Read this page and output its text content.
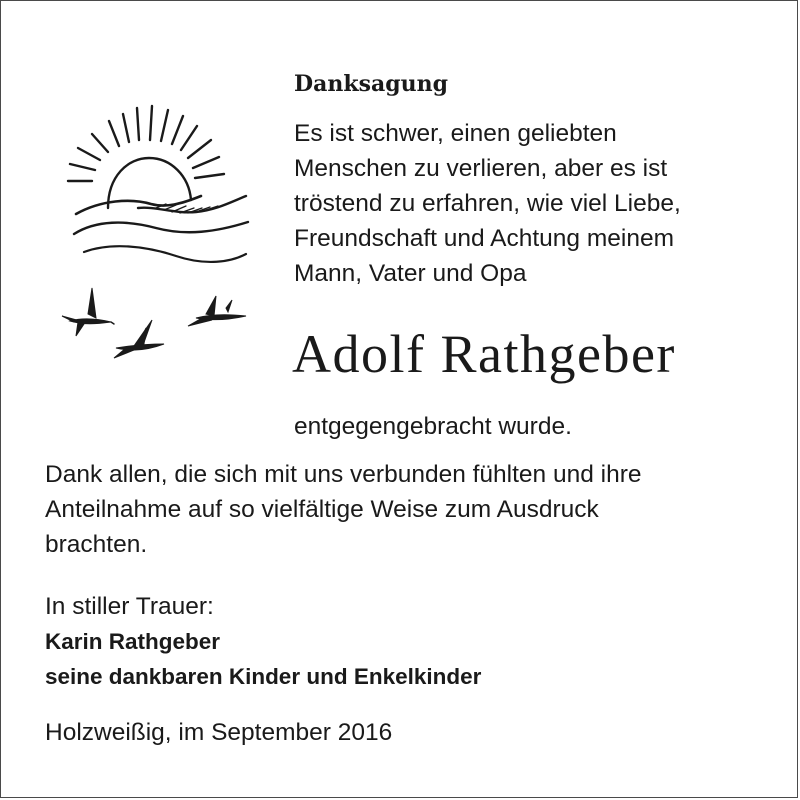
Danksagung
Es ist schwer, einen geliebten
Menschen zu verlieren, aber es ist
tröstend zu erfahren, wie viel Liebe,
Freundschaft und Achtung meinem
Mann, Vater und Opa
Adolf Rathgeber
entgegengebracht wurde.
Dank allen, die sich mit uns verbunden fühlten und ihre
Anteilnahme auf so vielfältige Weise zum Ausdruck
brachten.
In stiller Trauer:
Karin Rathgeber
seine dankbaren Kinder und Enkelkinder
Holzweißig, im September 2016
